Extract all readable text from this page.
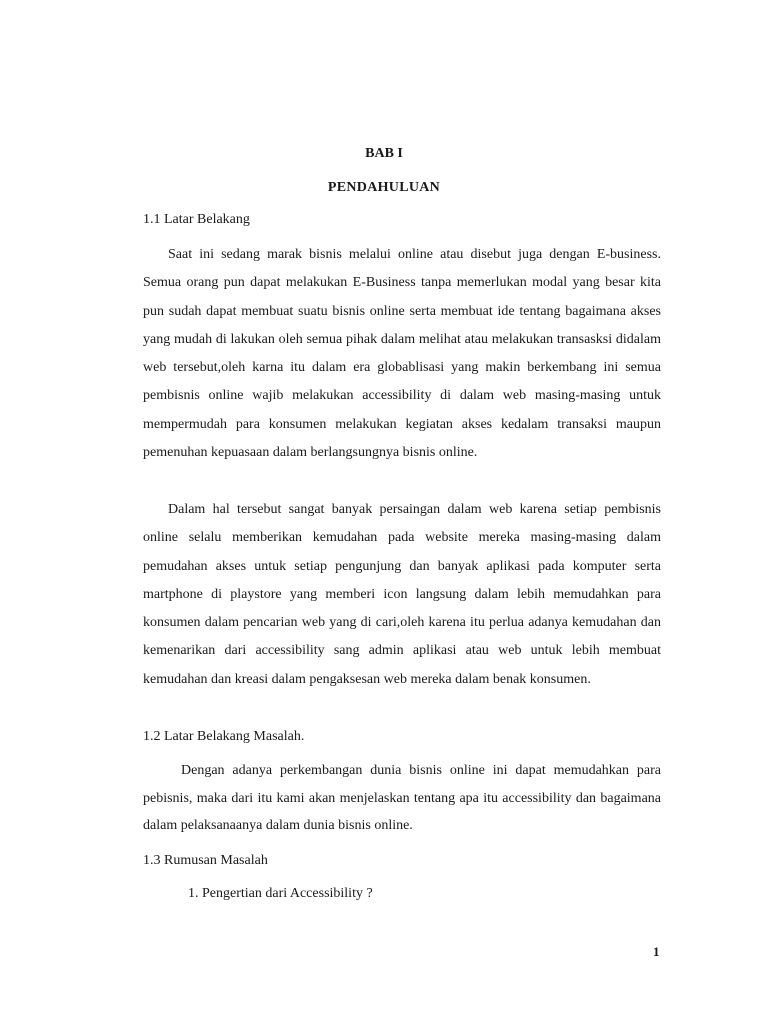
BAB I
PENDAHULUAN
1.1 Latar Belakang

Saat ini sedang marak bisnis melalui online atau disebut juga dengan E-business. Semua orang pun dapat melakukan E-Business tanpa memerlukan modal yang besar kita pun sudah dapat membuat suatu bisnis online serta membuat ide tentang bagaimana akses yang mudah di lakukan oleh semua pihak dalam melihat atau melakukan transasksi didalam web tersebut,oleh karna itu dalam era globablisasi yang makin berkembang ini semua pembisnis online wajib melakukan accessibility di dalam web masing-masing untuk mempermudah para konsumen melakukan kegiatan akses kedalam transaksi maupun pemenuhan kepuasaan dalam berlangsungnya bisnis online.

Dalam hal tersebut sangat banyak persaingan dalam web karena setiap pembisnis online selalu memberikan kemudahan pada website mereka masing-masing dalam pemudahan akses untuk setiap pengunjung dan banyak aplikasi pada komputer serta martphone di playstore yang memberi icon langsung dalam lebih memudahkan para konsumen dalam pencarian web yang di cari,oleh karena itu perlua adanya kemudahan dan kemenarikan dari accessibility sang admin aplikasi atau web untuk lebih membuat kemudahan dan kreasi dalam pengaksesan web mereka dalam benak konsumen.

1.2 Latar Belakang Masalah.

Dengan adanya perkembangan dunia bisnis online ini dapat memudahkan para pebisnis, maka dari itu kami akan menjelaskan tentang apa itu accessibility dan bagaimana dalam pelaksanaanya dalam dunia bisnis online.

1.3 Rumusan Masalah
1. Pengertian dari Accessibility ?
1
